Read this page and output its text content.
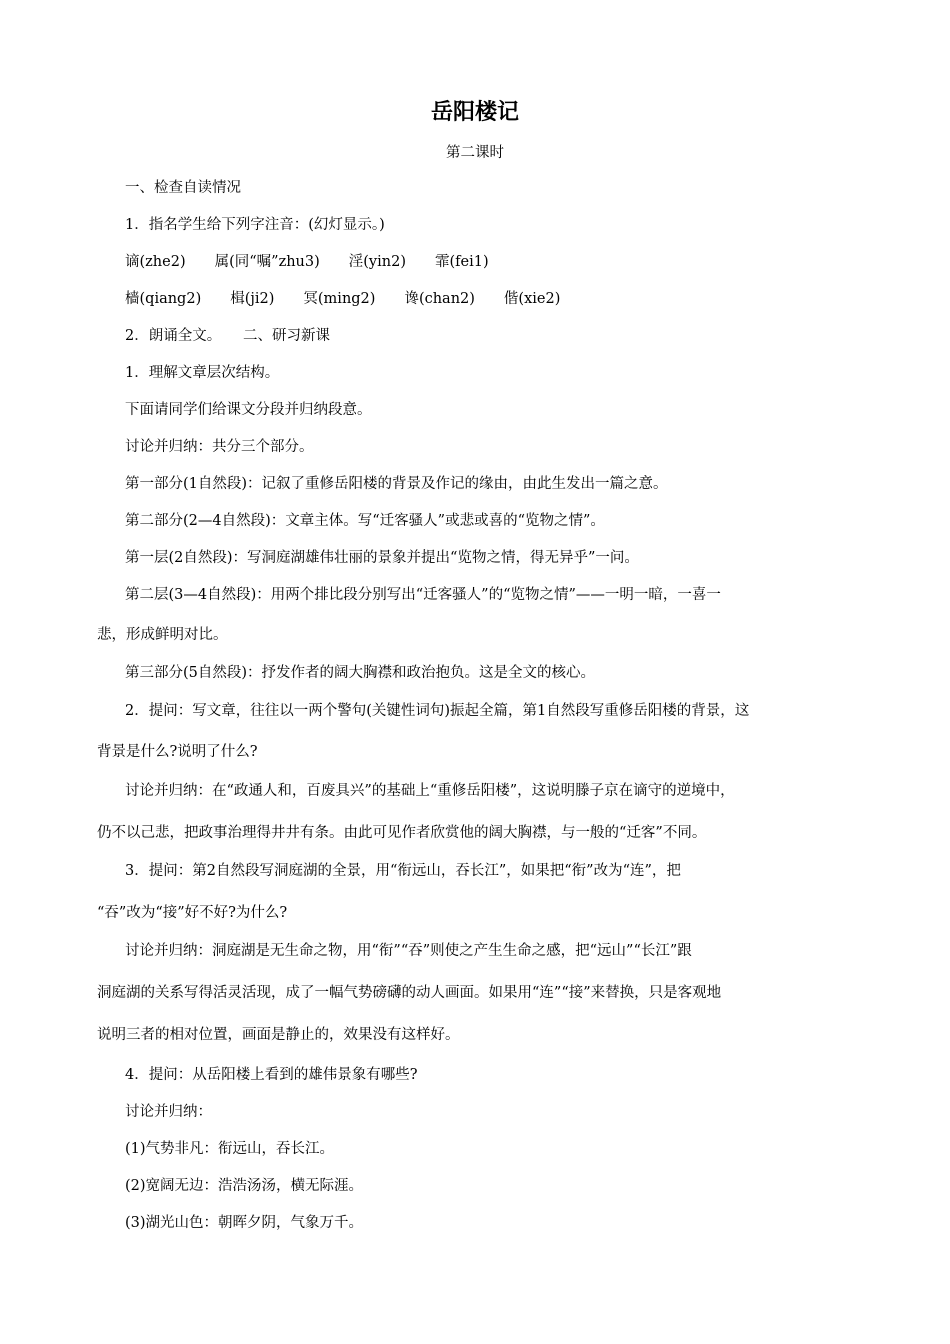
岳阳楼记
第二课时
一、检查自读情况
1．指名学生给下列字注音：(幻灯显示。)
谪(zhe2)　　属(同“嘱”zhu3)　　淫(yin2)　　霏(fei1)
樯(qiang2)　　楫(ji2)　　冥(ming2)　　谗(chan2)　　偕(xie2)
2．朗诵全文。　　二、研习新课
1．理解文章层次结构。
下面请同学们给课文分段并归纳段意。
讨论并归纳：共分三个部分。
第一部分(1自然段)：记叙了重修岳阳楼的背景及作记的缘由，由此生发出一篇之意。
第二部分(2—4自然段)：文章主体。写“迁客骚人”或悲或喜的“览物之情”。
第一层(2自然段)：写洞庭湖雄伟壮丽的景象并提出“览物之情，得无异乎”一问。
第二层(3—4自然段)：用两个排比段分别写出“迁客骚人”的“览物之情”——一明一暗，一喜一
悲，形成鲜明对比。
第三部分(5自然段)：抒发作者的阔大胸襟和政治抱负。这是全文的核心。
2．提问：写文章，往往以一两个警句(关键性词句)振起全篇，第1自然段写重修岳阳楼的背景，这
背景是什么?说明了什么?
讨论并归纳：在“政通人和，百废具兴”的基础上“重修岳阳楼”，这说明滕子京在谪守的逆境中，
仍不以己悲，把政事治理得井井有条。由此可见作者欣赏他的阔大胸襟，与一般的“迁客”不同。
3．提问：第2自然段写洞庭湖的全景，用“衔远山，吞长江”，如果把“衔”改为“连”，把
“吞”改为“接”好不好?为什么?
讨论并归纳：洞庭湖是无生命之物，用“衔”“吞”则使之产生生命之感，把“远山”“长江”跟
洞庭湖的关系写得活灵活现，成了一幅气势磅礴的动人画面。如果用“连”“接”来替换，只是客观地
说明三者的相对位置，画面是静止的，效果没有这样好。
4．提问：从岳阳楼上看到的雄伟景象有哪些?
讨论并归纳：
(1)气势非凡：衔远山，吞长江。
(2)宽阔无边：浩浩汤汤，横无际涯。
(3)湖光山色：朝晖夕阴，气象万千。
